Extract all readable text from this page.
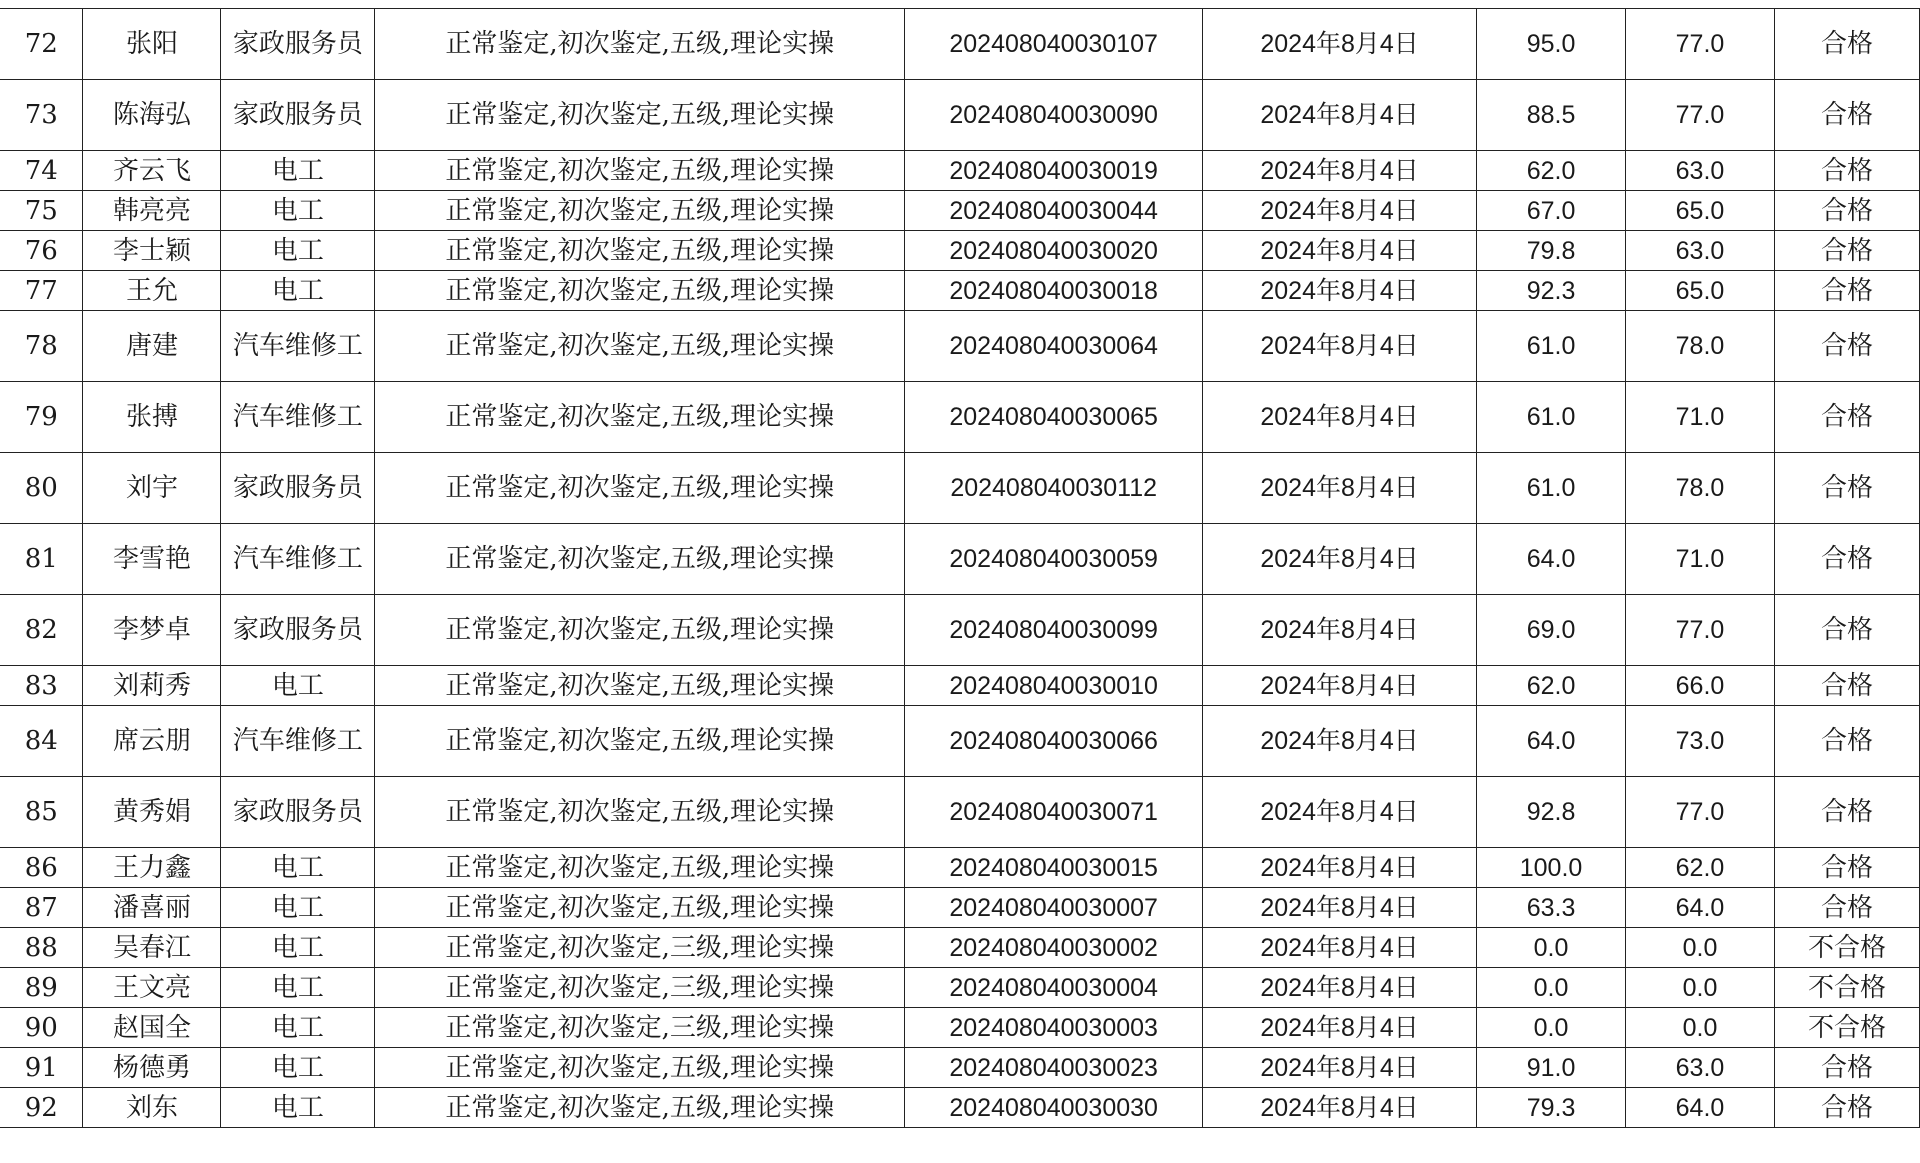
72	张阳	家政服务员	正常鉴定,初次鉴定,五级,理论实操	202408040030107	2024年8月4日	95.0	77.0	合格
73	陈海弘	家政服务员	正常鉴定,初次鉴定,五级,理论实操	202408040030090	2024年8月4日	88.5	77.0	合格
74	齐云飞	电工	正常鉴定,初次鉴定,五级,理论实操	202408040030019	2024年8月4日	62.0	63.0	合格
75	韩亮亮	电工	正常鉴定,初次鉴定,五级,理论实操	202408040030044	2024年8月4日	67.0	65.0	合格
76	李士颖	电工	正常鉴定,初次鉴定,五级,理论实操	202408040030020	2024年8月4日	79.8	63.0	合格
77	王允	电工	正常鉴定,初次鉴定,五级,理论实操	202408040030018	2024年8月4日	92.3	65.0	合格
78	唐建	汽车维修工	正常鉴定,初次鉴定,五级,理论实操	202408040030064	2024年8月4日	61.0	78.0	合格
79	张搏	汽车维修工	正常鉴定,初次鉴定,五级,理论实操	202408040030065	2024年8月4日	61.0	71.0	合格
80	刘宇	家政服务员	正常鉴定,初次鉴定,五级,理论实操	202408040030112	2024年8月4日	61.0	78.0	合格
81	李雪艳	汽车维修工	正常鉴定,初次鉴定,五级,理论实操	202408040030059	2024年8月4日	64.0	71.0	合格
82	李梦卓	家政服务员	正常鉴定,初次鉴定,五级,理论实操	202408040030099	2024年8月4日	69.0	77.0	合格
83	刘莉秀	电工	正常鉴定,初次鉴定,五级,理论实操	202408040030010	2024年8月4日	62.0	66.0	合格
84	席云朋	汽车维修工	正常鉴定,初次鉴定,五级,理论实操	202408040030066	2024年8月4日	64.0	73.0	合格
85	黄秀娟	家政服务员	正常鉴定,初次鉴定,五级,理论实操	202408040030071	2024年8月4日	92.8	77.0	合格
86	王力鑫	电工	正常鉴定,初次鉴定,五级,理论实操	202408040030015	2024年8月4日	100.0	62.0	合格
87	潘喜丽	电工	正常鉴定,初次鉴定,五级,理论实操	202408040030007	2024年8月4日	63.3	64.0	合格
88	吴春江	电工	正常鉴定,初次鉴定,三级,理论实操	202408040030002	2024年8月4日	0.0	0.0	不合格
89	王文亮	电工	正常鉴定,初次鉴定,三级,理论实操	202408040030004	2024年8月4日	0.0	0.0	不合格
90	赵国全	电工	正常鉴定,初次鉴定,三级,理论实操	202408040030003	2024年8月4日	0.0	0.0	不合格
91	杨德勇	电工	正常鉴定,初次鉴定,五级,理论实操	202408040030023	2024年8月4日	91.0	63.0	合格
92	刘东	电工	正常鉴定,初次鉴定,五级,理论实操	202408040030030	2024年8月4日	79.3	64.0	合格
